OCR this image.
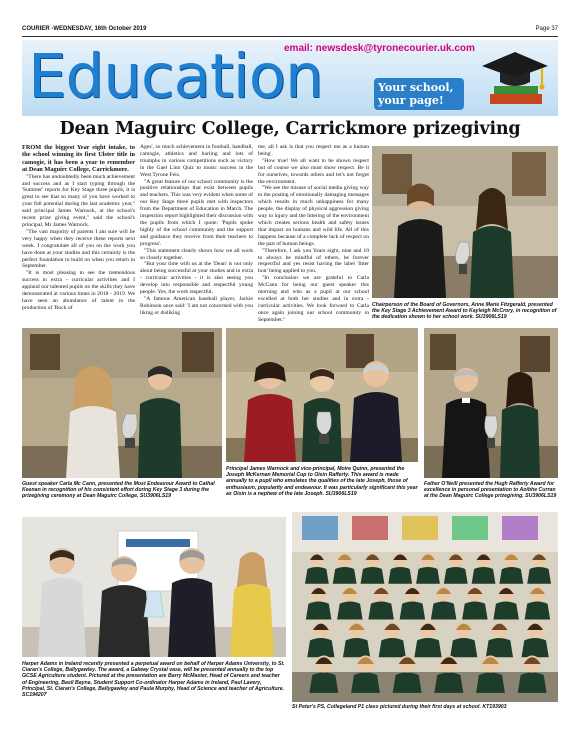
COURIER -WEDNESDAY, 16th October 2019	Page 37
Education
email: newsdesk@tyronecourier.uk.com
Your school, your page!
Dean Maguirc College, Carrickmore prizegiving

FROM the biggest Year eight intake, to the school winning its first Ulster title in camogie, it has been a year to remember at Dean Maguirc College, Carrickmore.

"There has undoubtedly been much achievement and success and as I start typing through the 'Summer' reports for Key Stage three pupils, it is great to see that so many of you have worked to your full potential during the last academic year," said principal James Warnock, at the school's recent prize giving event," said the school's principal, Mr James Warnock.

"The vast majority of parents I am sure will be very happy when they receive these reports next week. I congratulate all of you on the work you have done at your studies and this certainly is the perfect foundation to build on when you return in September.

"It is most pleasing to see the tremendous success in extra - curricular activities and I applaud our talented pupils on the skills they have demonstrated at various times in 2018 - 2019. We have seen an abundance of talent in the production of 'Rock of

Ages', so much achievement in football, handball, camogie, athletics and hurling and lots of triumphs in various competitions such as victory in the Gael Linn Quiz to music success in the West Tyrone Feis.

"A great feature of our school community is the positive relationships that exist between pupils and teachers. This was very evident when some of our Key Stage three pupils met with inspectors from the Department of Education in March. The inspection report highlighted their discussion with the pupils from which I quote: 'Pupils spoke highly of the school community and the support and guidance they receive from their teachers to progress'.

"This statement clearly shows how we all work so closely together.

"But your time with us at the 'Dean' is not only about being successful at your studies and in extra - curricular activities - it is also seeing you develop into responsible and respectful young people. Yes, the work respectful.

"A famous American baseball player, Jackie Robinson once said: 'I am not concerned with you liking or disliking

me, all I ask is that you respect me as a human being'.

"How true! We all want to be shown respect but of course we also must show respect. Be it for ourselves, towards others and let's not forget the environment.

"We see the misuse of social media giving way to the posting of emotionally damaging messages which results in much unhappiness for many people, the display of physical aggression giving way to injury and the littering of the environment which creates serious health and safety issues that impact on humans and wild life. All of this happens because of a complete lack of respect on the part of human beings.

"Therefore, I ask you Years eight, nine and 10 to always be mindful of others, be forever respectful and yes resist having the label 'litter lout' being applied to you.

"In conclusion we are grateful to Carla McCann for being our guest speaker this morning and who as a pupil at our school excelled at both her studies and in extra - curricular activities. We look forward to Carla once again joining our school community in September."

Chairperson of the Board of Governors, Anne Marie Fitzgerald, presented the Key Stage 3 Achievement Award to Kayleigh McCrory, in recognition of the dedication shown to her school work. SU3906LS19
Guest speaker Carla Mc Cann, presented the Most Endeavour Award to Cathal Keenan in recognition of his consistent effort during Key Stage 3 during the prizegiving ceremony at Dean Maguirc College. SU3906LS19
Principal James Warnock and vice-principal, Moire Quinn, presented the Joseph McKernan Memorial Cup to Oisin Rafferty. This award is made annually to a pupil who emulates the qualities of the late Joseph, those of enthusiasm, popularity and endeavour. It was particularly significant this year as Oisin is a nephew of the late Joseph. SU3906LS19
Father O'Neill presented the Hugh Rafferty Award for excellence in personal presentation to Aoibhe Curran at the Dean Maguirc College prizegiving. SU3906LS19
Harper Adams in Ireland recently presented a perpetual award on behalf of Harper Adams University, to St. Ciaran's College, Ballygawley. The award, a Galway Crystal vase, will be presented annually to the top GCSE Agriculture student. Pictured at the presentation are Barry McMaster, Head of Careers and teacher of Engineering, Basil Bayne, Student Support Co-ordinator Harper Adams in Ireland, Paul Lavery, Principal, St. Ciaran's College, Ballygawley and Paula Murphy, Head of Science and teacher of Agriculture. SC194207
St Peter's PS, Collegeland P1 class pictured during their first days at school. KT193903
